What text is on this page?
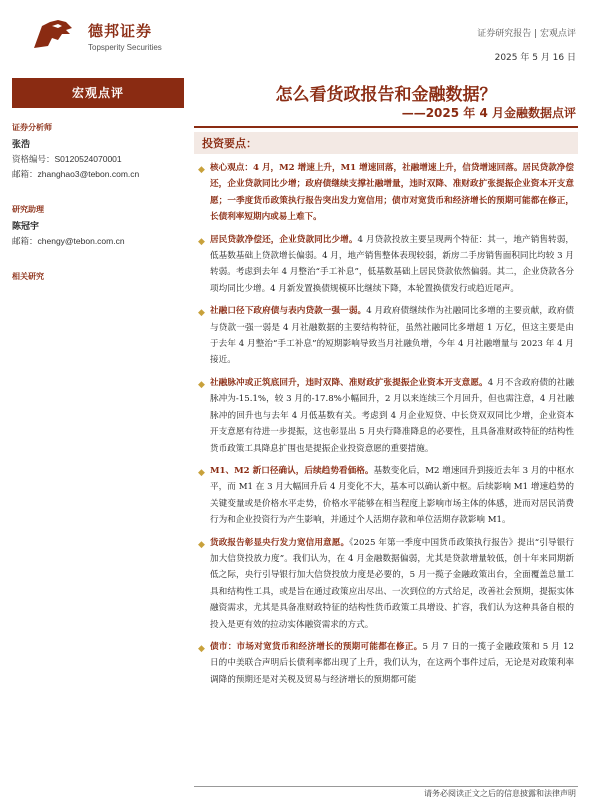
德邦证券
Topsperity Securities
证券研究报告 | 宏观点评
2025 年 5 月 16 日
宏观点评
证券分析师
张浩
资格编号：S0120524070001
邮箱：zhanghao3@tebon.com.cn
研究助理
陈冠宇
邮箱：chengy@tebon.com.cn
相关研究
怎么看货政报告和金融数据？
——2025 年 4 月金融数据点评
投资要点：
◆ 核心观点：4 月，M2 增速上升，M1 增速回落，社融增速上升，信贷增速回落。居民贷款净偿还，企业贷款同比少增；政府债继续支撑社融增量，违时双降、准财政扩张提振企业资本开支意愿；一季度货币政策执行报告突出发力宽信用；债市对宽货币和经济增长的预期可能都在修正，长债利率短期内或易上难下。
◆ 居民贷款净偿还，企业贷款同比少增。4 月贷款投放主要呈现两个特征：其一，地产销售转弱，低基数基础上贷款增长偏弱。4 月，地产销售整体表现较弱，新房二手房销售面积同比均较 3 月转弱。考虑到去年 4 月整治“手工补息”，低基数基础上居民贷款依然偏弱。其二，企业贷款各分项均同比少增。4 月新发置换债规模环比继续下降，本轮置换债发行或趋近尾声。
◆ 社融口径下政府债与表内贷款一强一弱。4 月政府债继续作为社融同比多增的主要贡献，政府债与贷款一强一弱是 4 月社融数据的主要结构特征，虽然社融同比多增超 1 万亿，但这主要是由于去年 4 月整治“手工补息”的短期影响导致当月社融负增，今年 4 月社融增量与 2023 年 4 月接近。
◆ 社融脉冲或正筑底回升，违时双降、准财政扩张提振企业资本开支意愿。4 月不含政府债的社融脉冲为-15.1%，较 3 月的-17.8%小幅回升，2 月以来连续三个月回升，但也需注意，4 月社融脉冲的回升也与去年 4 月低基数有关。考虑到 4 月企业短贷、中长贷双双同比少增，企业资本开支意愿有待进一步提振，这也彰显出 5 月央行降准降息的必要性，且具备准财政特征的结构性货币政策工具降息扩围也是提振企业投资意愿的重要措施。
◆ M1、M2 新口径确认，后续趋势看価格。基数变化后，M2 增速回升到接近去年 3 月的中枢水平，而 M1 在 3 月大幅回升后 4 月变化不大，基本可以确认新中枢。后续影响 M1 增速趋势的关键变量或是价格水平走势，价格水平能够在相当程度上影响市场主体的体感，进而对居民消费行为和企业投资行为产生影响，并通过个人活期存款和单位活期存款影响 M1。
◆ 货政报告彰显央行发力宽信用意愿。《2025 年第一季度中国货币政策执行报告》提出“引导银行加大信贷投放力度”。我们认为，在 4 月金融数据偏弱，尤其是贷款增量较低，创十年来同期新低之际，央行引导银行加大信贷投放力度是必要的，5 月一揽子金融政策出台，全面覆盖总量工具和结构性工具，或是旨在通过政策应出尽出、一次到位的方式给足，改善社会预期，提振实体融资需求，尤其是具备准财政特征的结构性货币政策工具增设、扩容，我们认为这种具备自根的投入是更有效的拉动实体融资需求的方式。
◆ 债市：市场对宽货币和经济增长的预期可能都在修正。5 月 7 日的一揽子金融政策和 5 月 12 日的中美联合声明后长债利率都出现了上升，我们认为，在这两个事件过后，无论是对政策利率调降的预期还是对关税及贸易与经济增长的预期都可能
请务必阅读正文之后的信息披露和法律声明
